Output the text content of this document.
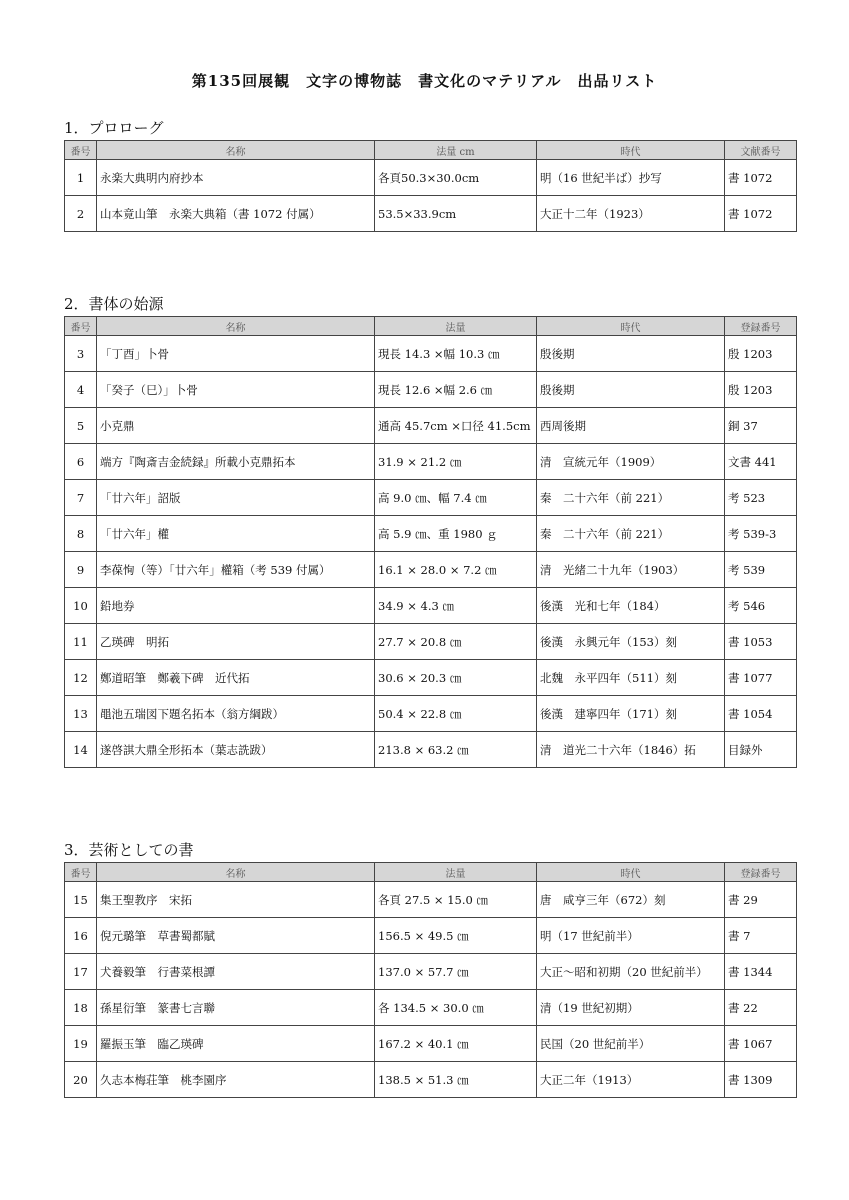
第135回展観　文字の博物誌　書文化のマテリアル　出品リスト
1．プロローグ
番号	名称	法量 cm	時代	文献番号
1	永楽大典明内府抄本	各頁50.3×30.0cm	明（16 世紀半ば）抄写	書 1072
2	山本竟山筆　永楽大典箱（書 1072 付属）	53.5×33.9cm	大正十二年（1923）	書 1072
2．書体の始源
番号	名称	法量	時代	登録番号
3	「丁酉」卜骨	現長 14.3 ×幅 10.3 ㎝	殷後期	殷 1203
4	「癸子（巳）」卜骨	現長 12.6 ×幅 2.6 ㎝	殷後期	殷 1203
5	小克鼎	通高 45.7cm ×口径 41.5cm	西周後期	銅 37
6	端方『陶斎吉金続録』所載小克鼎拓本	31.9 × 21.2 ㎝	清　宣統元年（1909）	文書 441
7	「廿六年」詔版	高 9.0 ㎝、幅 7.4 ㎝	秦　二十六年（前 221）	考 523
8	「廿六年」權	高 5.9 ㎝、重 1980 ｇ	秦　二十六年（前 221）	考 539-3
9	李葆恂（等）「廿六年」權箱（考 539 付属）	16.1 × 28.0 × 7.2 ㎝	清　光緒二十九年（1903）	考 539
10	鉛地券	34.9 × 4.3 ㎝	後漢　光和七年（184）	考 546
11	乙瑛碑　明拓	27.7 × 20.8 ㎝	後漢　永興元年（153）刻	書 1053
12	鄭道昭筆　鄭羲下碑　近代拓	30.6 × 20.3 ㎝	北魏　永平四年（511）刻	書 1077
13	黽池五瑞図下題名拓本（翁方綱跋）	50.4 × 22.8 ㎝	後漢　建寧四年（171）刻	書 1054
14	遂啓諆大鼎全形拓本（葉志詵跋）	213.8 × 63.2 ㎝	清　道光二十六年（1846）拓	目録外
3．芸術としての書
番号	名称	法量	時代	登録番号
15	集王聖教序　宋拓	各頁 27.5 × 15.0 ㎝	唐　咸亨三年（672）刻	書 29
16	倪元璐筆　草書蜀都賦	156.5 × 49.5 ㎝	明（17 世紀前半）	書 7
17	犬養毅筆　行書菜根譚	137.0 × 57.7 ㎝	大正～昭和初期（20 世紀前半）	書 1344
18	孫星衍筆　篆書七言聯	各 134.5 × 30.0 ㎝	清（19 世紀初期）	書 22
19	羅振玉筆　臨乙瑛碑	167.2 × 40.1 ㎝	民国（20 世紀前半）	書 1067
20	久志本梅荘筆　桃李園序	138.5 × 51.3 ㎝	大正二年（1913）	書 1309
